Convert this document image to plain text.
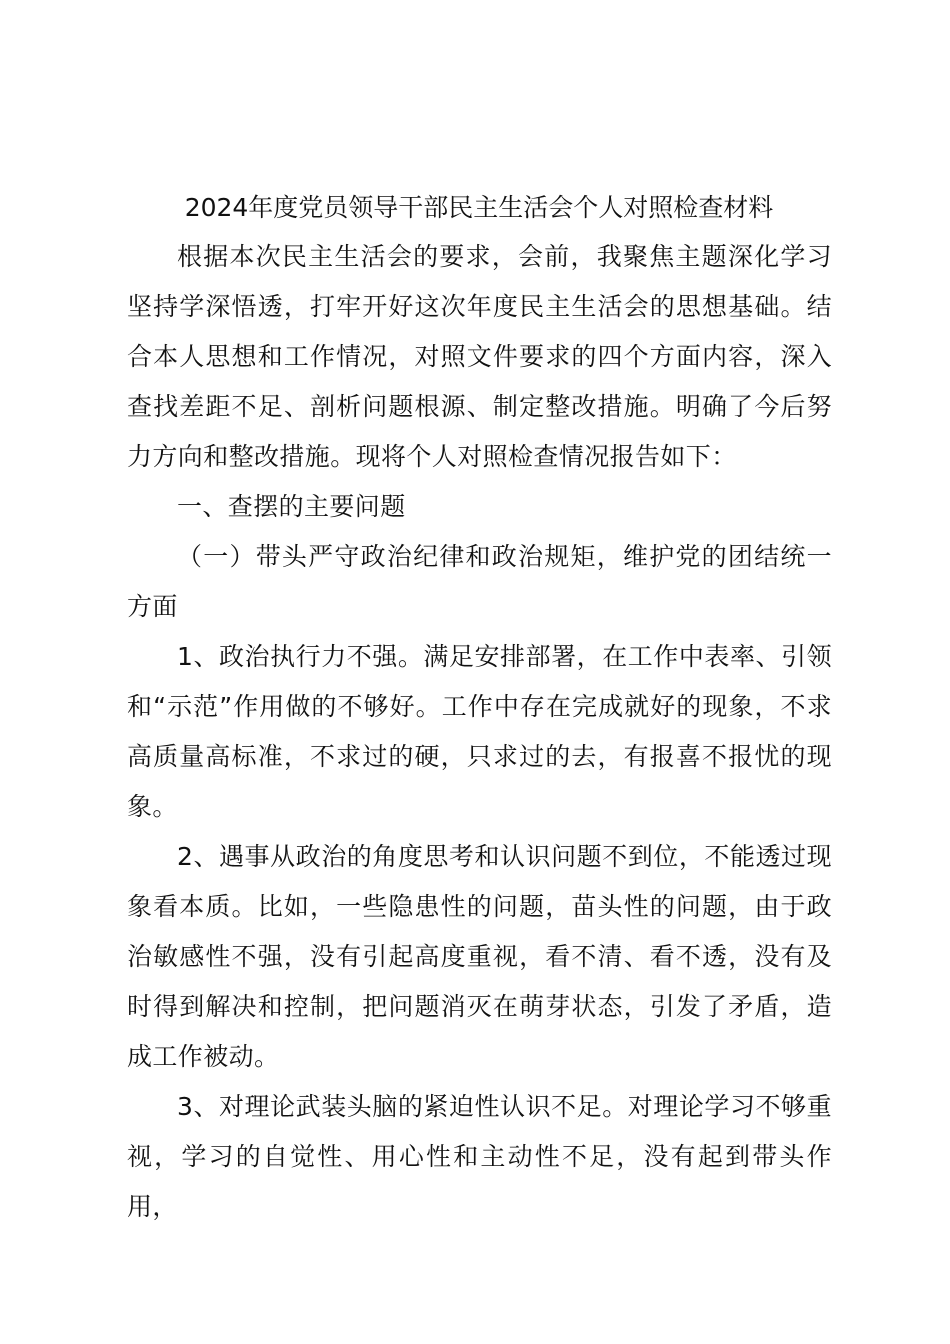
2024年度党员领导干部民主生活会个人对照检查材料

根据本次民主生活会的要求，会前，我聚焦主题深化学习坚持学深悟透，打牢开好这次年度民主生活会的思想基础。结合本人思想和工作情况，对照文件要求的四个方面内容，深入查找差距不足、剖析问题根源、制定整改措施。明确了今后努力方向和整改措施。现将个人对照检查情况报告如下：

一、查摆的主要问题

（一）带头严守政治纪律和政治规矩，维护党的团结统一方面

1、政治执行力不强。满足安排部署，在工作中表率、引领和“示范”作用做的不够好。工作中存在完成就好的现象，不求高质量高标准，不求过的硬，只求过的去，有报喜不报忧的现象。

2、遇事从政治的角度思考和认识问题不到位，不能透过现象看本质。比如，一些隐患性的问题，苗头性的问题，由于政治敏感性不强，没有引起高度重视，看不清、看不透，没有及时得到解决和控制，把问题消灭在萌芽状态，引发了矛盾，造成工作被动。

3、对理论武装头脑的紧迫性认识不足。对理论学习不够重视，学习的自觉性、用心性和主动性不足，没有起到带头作用，
